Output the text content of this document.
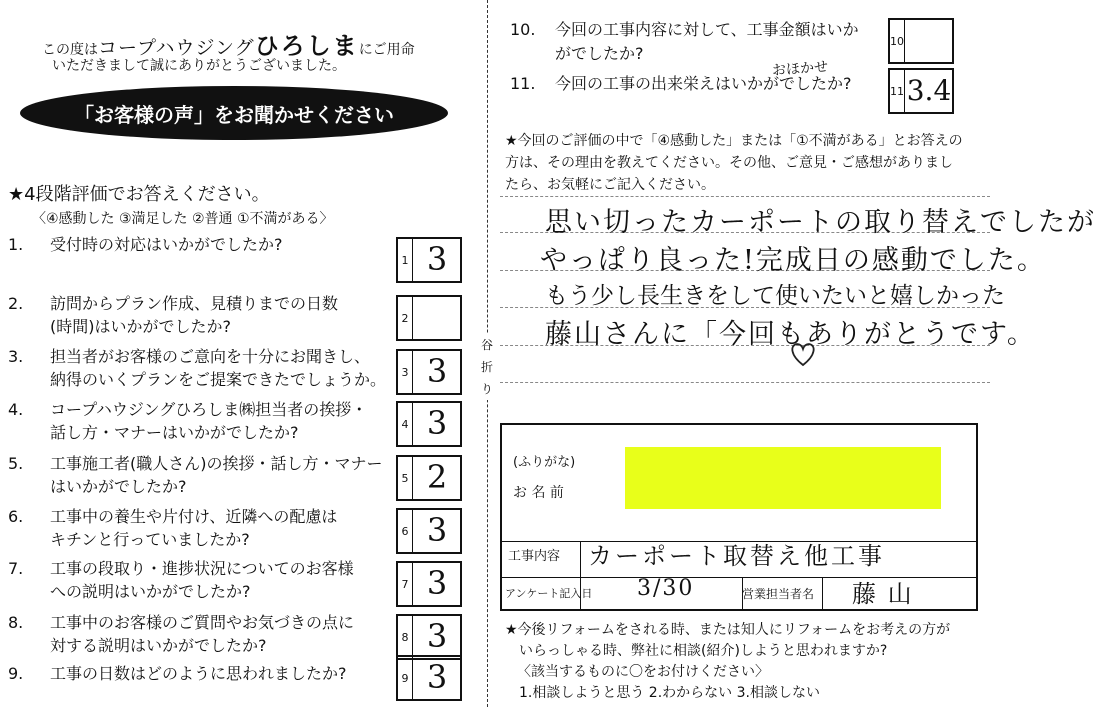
この度はコープハウジングひろしまにご用命
いただきまして誠にありがとうございました。
「お客様の声」をお聞かせください
★4段階評価でお答えください。
〈④感動した ③満足した ②普通 ①不満がある〉
1. 受付時の対応はいかがでしたか?
1 3
2. 訪問からプラン作成、見積りまでの日数
(時間)はいかがでしたか?	2
3. 担当者がお客様のご意向を十分にお聞きし、
納得のいくプランをご提案できたでしょうか。	3 3
4. コープハウジングひろしま㈱担当者の挨拶・
話し方・マナーはいかがでしたか?	4 3
5. 工事施工者(職人さん)の挨拶・話し方・マナー
はいかがでしたか?	5 2
6. 工事中の養生や片付け、近隣への配慮は
キチンと行っていましたか?	6 3
7. 工事の段取り・進捗状況についてのお客様
への説明はいかがでしたか?	7 3
8. 工事中のお客様のご質問やお気づきの点に
対する説明はいかがでしたか?	8 3
9. 工事の日数はどのように思われましたか?	9 3
谷
折
り
10. 今回の工事内容に対して、工事金額はいか
がでしたか?
10
11. 今回の工事の出来栄えはいかがでしたか?
おほかせ
11 3.4
★今回のご評価の中で「④感動した」または「①不満がある」とお答えの
方は、その理由を教えてください。その他、ご意見・ご感想がありまし
たら、お気軽にご記入ください。
思い切ったカーポートの取り替えでしたが
やっぱり良った!完成日の感動でした。
もう少し長生きをして使いたいと嬉しかった
藤山さんに「今回もありがとうです。
(ふりがな)
お 名 前
工事内容 カーポート取替え他工事
アンケート記入日 3/30	営業担当者名 藤 山
★今後リフォームをされる時、または知人にリフォームをお考えの方が
いらっしゃる時、弊社に相談(紹介)しようと思われますか?
〈該当するものに〇をお付けください〉
1.相談しようと思う 2.わからない 3.相談しない
